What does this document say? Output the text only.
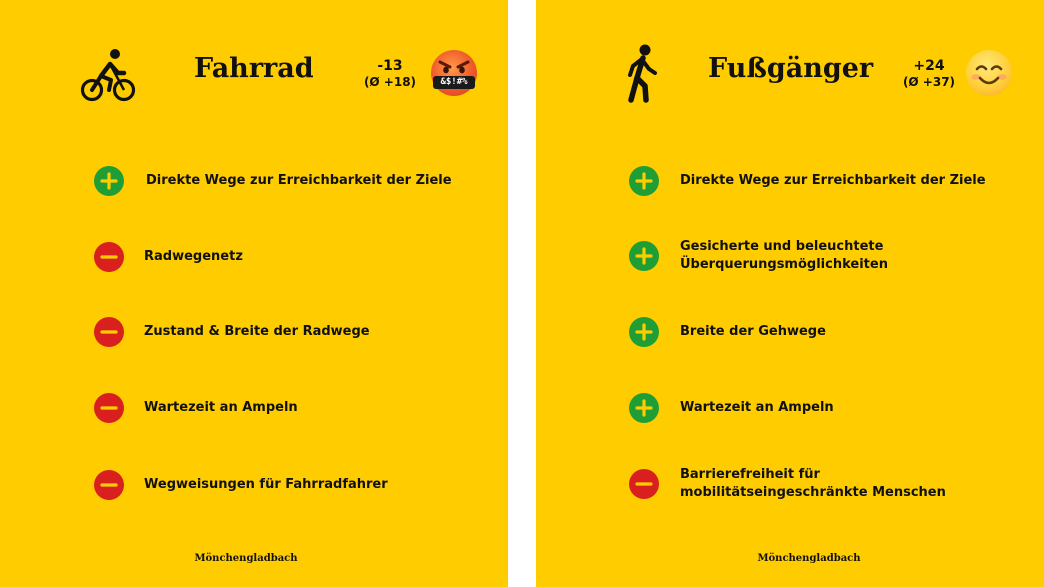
Fahrrad	-13
(Ø +18)	&$!#%
Direkte Wege zur Erreichbarkeit der Ziele
Radwegenetz
Zustand & Breite der Radwege
Wartezeit an Ampeln
Wegweisungen für Fahrradfahrer
Mönchengladbach
Fußgänger	+24
(Ø +37)
Direkte Wege zur Erreichbarkeit der Ziele
Gesicherte und beleuchtete
Überquerungsmöglichkeiten
Breite der Gehwege
Wartezeit an Ampeln
Barrierefreiheit für
mobilitätseingeschränkte Menschen
Mönchengladbach
